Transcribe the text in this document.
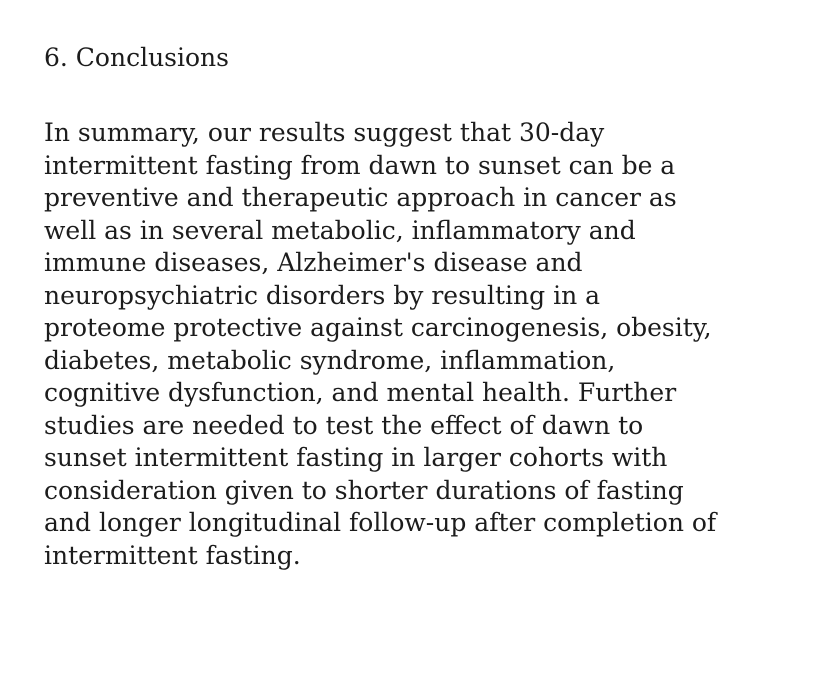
6. Conclusions

In summary, our results suggest that 30-day
intermittent fasting from dawn to sunset can be a
preventive and therapeutic approach in cancer as
well as in several metabolic, inflammatory and
immune diseases, Alzheimer's disease and
neuropsychiatric disorders by resulting in a
proteome protective against carcinogenesis, obesity,
diabetes, metabolic syndrome, inflammation,
cognitive dysfunction, and mental health. Further
studies are needed to test the effect of dawn to
sunset intermittent fasting in larger cohorts with
consideration given to shorter durations of fasting
and longer longitudinal follow-up after completion of
intermittent fasting.
